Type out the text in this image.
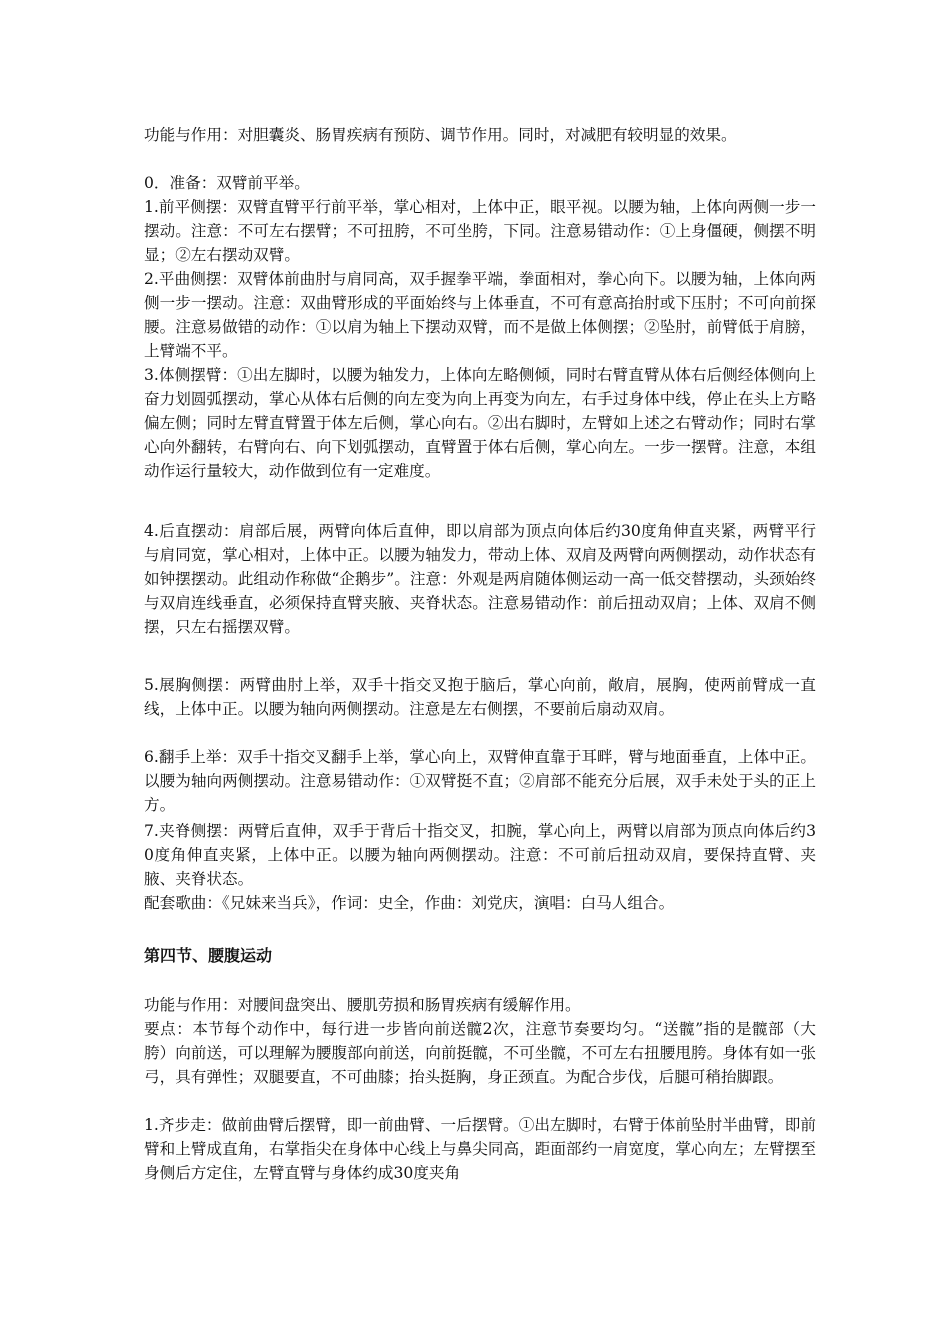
功能与作用：对胆囊炎、肠胃疾病有预防、调节作用。同时，对减肥有较明显的效果。
0．准备：双臂前平举。
1.前平侧摆：双臂直臂平行前平举，掌心相对，上体中正，眼平视。以腰为轴，上体向两侧一步一摆动。注意：不可左右摆臂；不可扭胯，不可坐胯，下同。注意易错动作：①上身僵硬，侧摆不明显；②左右摆动双臂。
2.平曲侧摆：双臂体前曲肘与肩同高，双手握拳平端，拳面相对，拳心向下。以腰为轴，上体向两侧一步一摆动。注意：双曲臂形成的平面始终与上体垂直，不可有意高抬肘或下压肘；不可向前探腰。注意易做错的动作：①以肩为轴上下摆动双臂，而不是做上体侧摆；②坠肘，前臂低于肩膀，上臂端不平。
3.体侧摆臂：①出左脚时，以腰为轴发力，上体向左略侧倾，同时右臂直臂从体右后侧经体侧向上奋力划圆弧摆动，掌心从体右后侧的向左变为向上再变为向左，右手过身体中线，停止在头上方略偏左侧；同时左臂直臂置于体左后侧，掌心向右。②出右脚时，左臂如上述之右臂动作；同时右掌心向外翻转，右臂向右、向下划弧摆动，直臂置于体右后侧，掌心向左。一步一摆臂。注意，本组动作运行量较大，动作做到位有一定难度。
4.后直摆动：肩部后展，两臂向体后直伸，即以肩部为顶点向体后约30度角伸直夹紧，两臂平行与肩同宽，掌心相对，上体中正。以腰为轴发力，带动上体、双肩及两臂向两侧摆动，动作状态有如钟摆摆动。此组动作称做“企鹅步”。注意：外观是两肩随体侧运动一高一低交替摆动，头颈始终与双肩连线垂直，必须保持直臂夹腋、夹脊状态。注意易错动作：前后扭动双肩；上体、双肩不侧摆，只左右摇摆双臂。
5.展胸侧摆：两臂曲肘上举，双手十指交叉抱于脑后，掌心向前，敞肩，展胸，使两前臂成一直线，上体中正。以腰为轴向两侧摆动。注意是左右侧摆，不要前后扇动双肩。
6.翻手上举：双手十指交叉翻手上举，掌心向上，双臂伸直靠于耳畔，臂与地面垂直，上体中正。以腰为轴向两侧摆动。注意易错动作：①双臂挺不直；②肩部不能充分后展，双手未处于头的正上方。
7.夹脊侧摆：两臂后直伸，双手于背后十指交叉，扣腕，掌心向上，两臂以肩部为顶点向体后约30度角伸直夹紧，上体中正。以腰为轴向两侧摆动。注意：不可前后扭动双肩，要保持直臂、夹腋、夹脊状态。
配套歌曲：《兄妹来当兵》，作词：史全，作曲：刘党庆，演唱：白马人组合。
第四节、腰腹运动
功能与作用：对腰间盘突出、腰肌劳损和肠胃疾病有缓解作用。
要点：本节每个动作中，每行进一步皆向前送髋2次，注意节奏要均匀。“送髋”指的是髋部（大胯）向前送，可以理解为腰腹部向前送，向前挺髋，不可坐髋，不可左右扭腰甩胯。身体有如一张弓，具有弹性；双腿要直，不可曲膝；抬头挺胸，身正颈直。为配合步伐，后腿可稍抬脚跟。
1.齐步走：做前曲臂后摆臂，即一前曲臂、一后摆臂。①出左脚时，右臂于体前坠肘半曲臂，即前臂和上臂成直角，右掌指尖在身体中心线上与鼻尖同高，距面部约一肩宽度，掌心向左；左臂摆至身侧后方定住，左臂直臂与身体约成30度夹角
